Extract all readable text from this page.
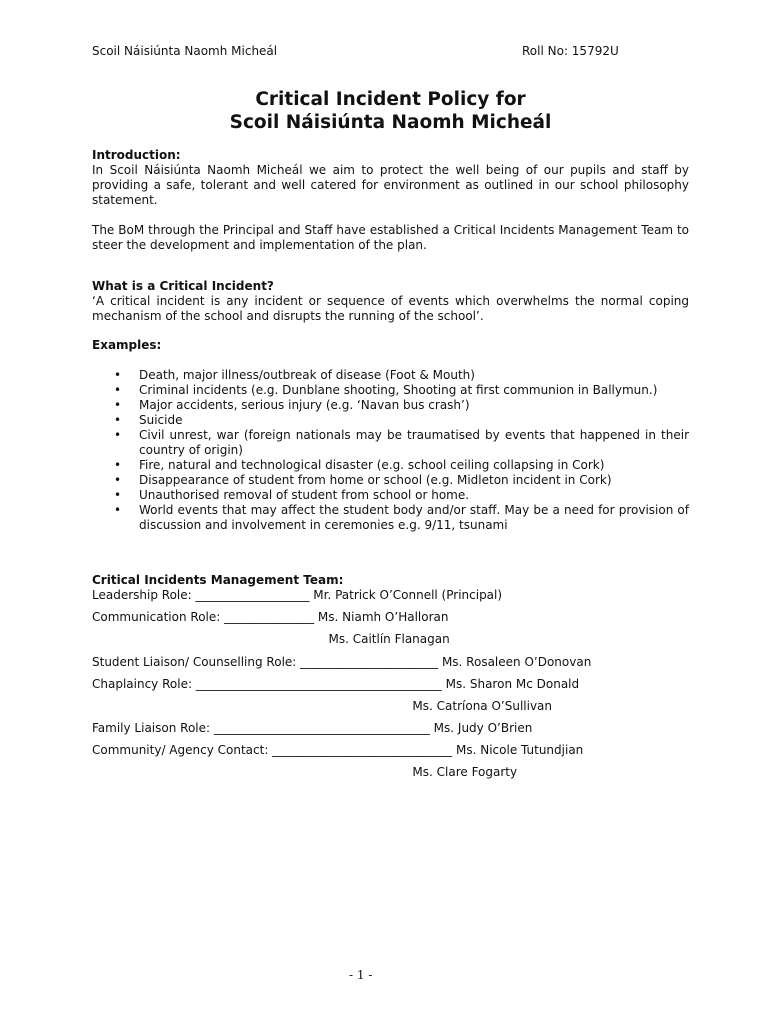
Scoil Náisiúnta Naomh Micheál	Roll No: 15792U
Critical Incident Policy for
Scoil Náisiúnta Naomh Micheál
Introduction:
In Scoil Náisiúnta Naomh Micheál we aim to protect the well being of our pupils and staff by providing a safe, tolerant and well catered for environment as outlined in our school philosophy statement.
The BoM through the Principal and Staff have established a Critical Incidents Management Team to steer the development and implementation of the plan.
What is a Critical Incident?
‘A critical incident is any incident or sequence of events which overwhelms the normal coping mechanism of the school and disrupts the running of the school’.
Examples:
• Death, major illness/outbreak of disease (Foot & Mouth)
• Criminal incidents (e.g. Dunblane shooting, Shooting at first communion in Ballymun.)
• Major accidents, serious injury (e.g. ‘Navan bus crash’)
• Suicide
• Civil unrest, war (foreign nationals may be traumatised by events that happened in their country of origin)
• Fire, natural and technological disaster (e.g. school ceiling collapsing in Cork)
• Disappearance of student from home or school (e.g. Midleton incident in Cork)
• Unauthorised removal of student from school or home.
• World events that may affect the student body and/or staff. May be a need for provision of discussion and involvement in ceremonies e.g. 9/11, tsunami
Critical Incidents Management Team:
Leadership Role: ___________________ Mr. Patrick O’Connell (Principal)
Communication Role: _______________ Ms. Niamh O’Halloran
Ms. Caitlín Flanagan
Student Liaison/ Counselling Role: _______________________ Ms. Rosaleen O’Donovan
Chaplaincy Role: _________________________________________ Ms. Sharon Mc Donald
Ms. Catríona O’Sullivan
Family Liaison Role: ____________________________________ Ms. Judy O’Brien
Community/ Agency Contact: ______________________________ Ms. Nicole Tutundjian
Ms. Clare Fogarty
- 1 -
